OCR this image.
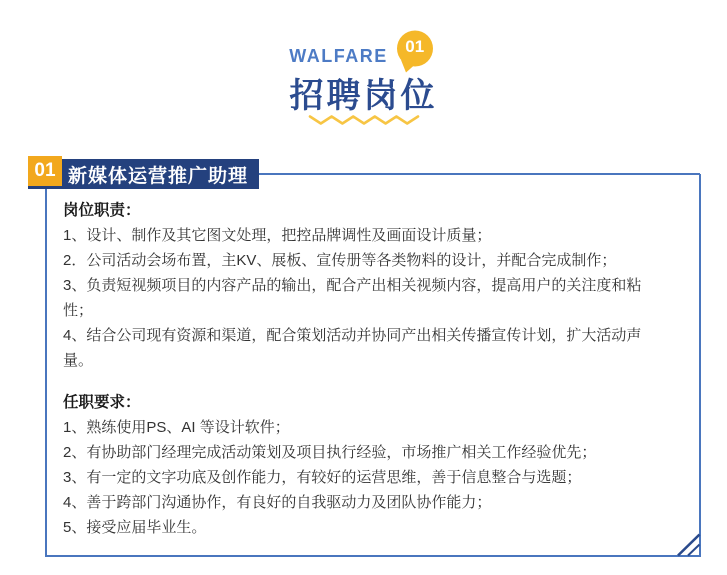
WALFARE	01
招聘岗位
01 新媒体运营推广助理
岗位职责：
1、设计、制作及其它图文处理，把控品牌调性及画面设计质量；
2．公司活动会场布置，主KV、展板、宣传册等各类物料的设计，并配合完成制作；
3、负责短视频项目的内容产品的输出，配合产出相关视频内容，提高用户的关注度和粘性；
4、结合公司现有资源和渠道，配合策划活动并协同产出相关传播宣传计划，扩大活动声量。
任职要求：
1、熟练使用PS、AI 等设计软件；
2、有协助部门经理完成活动策划及项目执行经验，市场推广相关工作经验优先；
3、有一定的文字功底及创作能力，有较好的运营思维，善于信息整合与选题；
4、善于跨部门沟通协作，有良好的自我驱动力及团队协作能力；
5、接受应届毕业生。
